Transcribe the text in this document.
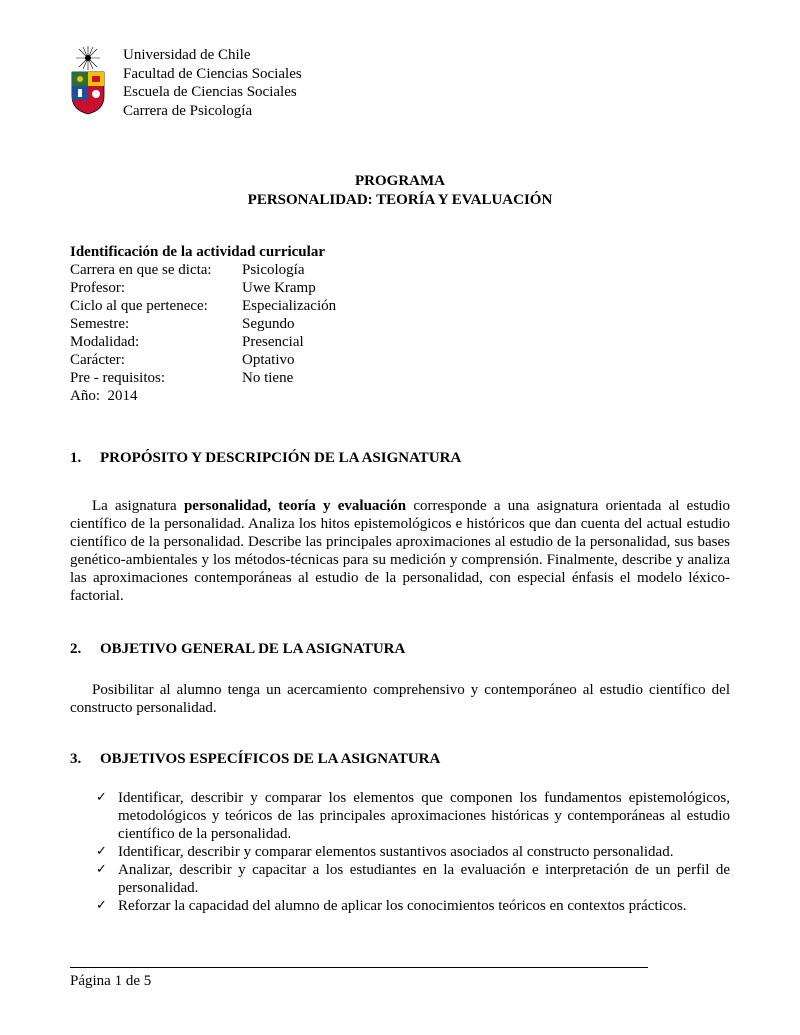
Universidad de Chile
Facultad de Ciencias Sociales
Escuela de Ciencias Sociales
Carrera de Psicología
PROGRAMA
PERSONALIDAD: TEORÍA Y EVALUACIÓN
Identificación de la actividad curricular
Carrera en que se dicta:	Psicología
Profesor:	Uwe Kramp
Ciclo al que pertenece:	Especialización
Semestre:	Segundo
Modalidad:	Presencial
Carácter:	Optativo
Pre - requisitos:	No tiene
Año:  2014
1. PROPÓSITO Y DESCRIPCIÓN DE LA ASIGNATURA
La asignatura personalidad, teoría y evaluación corresponde a una asignatura orientada al estudio científico de la personalidad. Analiza los hitos epistemológicos e históricos que dan cuenta del actual estudio científico de la personalidad. Describe las principales aproximaciones al estudio de la personalidad, sus bases genético-ambientales y los métodos-técnicas para su medición y comprensión. Finalmente, describe y analiza las aproximaciones contemporáneas al estudio de la personalidad, con especial énfasis el modelo léxico-factorial.
2. OBJETIVO GENERAL DE LA ASIGNATURA
Posibilitar al alumno tenga un acercamiento comprehensivo y contemporáneo al estudio científico del constructo personalidad.
3. OBJETIVOS ESPECÍFICOS DE LA ASIGNATURA
✓ Identificar, describir y comparar los elementos que componen los fundamentos epistemológicos, metodológicos y teóricos de las principales aproximaciones históricas y contemporáneas al estudio científico de la personalidad.
✓ Identificar, describir y comparar elementos sustantivos asociados al constructo personalidad.
✓ Analizar, describir y capacitar a los estudiantes en la evaluación e interpretación de un perfil de personalidad.
✓ Reforzar la capacidad del alumno de aplicar los conocimientos teóricos en contextos prácticos.
Página 1 de 5
